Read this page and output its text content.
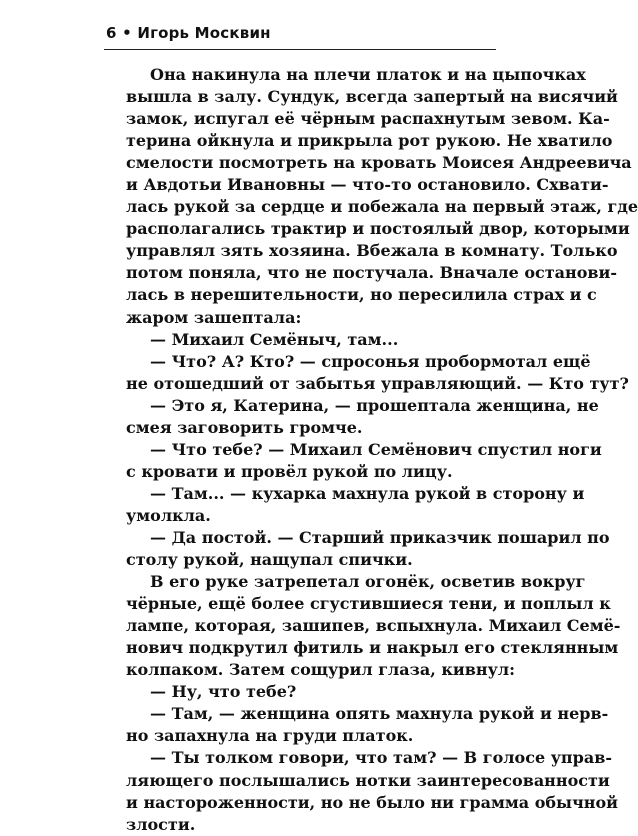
6 • Игорь Москвин
Она накинула на плечи платок и на цыпочках
вышла в залу. Сундук, всегда запертый на висячий
замок, испугал её чёрным распахнутым зевом. Ка-
терина ойкнула и прикрыла рот рукою. Не хватило
смелости посмотреть на кровать Моисея Андреевича
и Авдотьи Ивановны — что-то остановило. Схвати-
лась рукой за сердце и побежала на первый этаж, где
располагались трактир и постоялый двор, которыми
управлял зять хозяина. Вбежала в комнату. Только
потом поняла, что не постучала. Вначале останови-
лась в нерешительности, но пересилила страх и с
жаром зашептала:
— Михаил Семёныч, там...
— Что? А? Кто? — спросонья пробормотал ещё
не отошедший от забытья управляющий. — Кто тут?
— Это я, Катерина, — прошептала женщина, не
смея заговорить громче.
— Что тебе? — Михаил Семёнович спустил ноги
с кровати и провёл рукой по лицу.
— Там... — кухарка махнула рукой в сторону и
умолкла.
— Да постой. — Старший приказчик пошарил по
столу рукой, нащупал спички.
В его руке затрепетал огонёк, осветив вокруг
чёрные, ещё более сгустившиеся тени, и поплыл к
лампе, которая, зашипев, вспыхнула. Михаил Семё-
нович подкрутил фитиль и накрыл его стеклянным
колпаком. Затем сощурил глаза, кивнул:
— Ну, что тебе?
— Там, — женщина опять махнула рукой и нерв-
но запахнула на груди платок.
— Ты толком говори, что там? — В голосе управ-
ляющего послышались нотки заинтересованности
и настороженности, но не было ни грамма обычной
злости.
